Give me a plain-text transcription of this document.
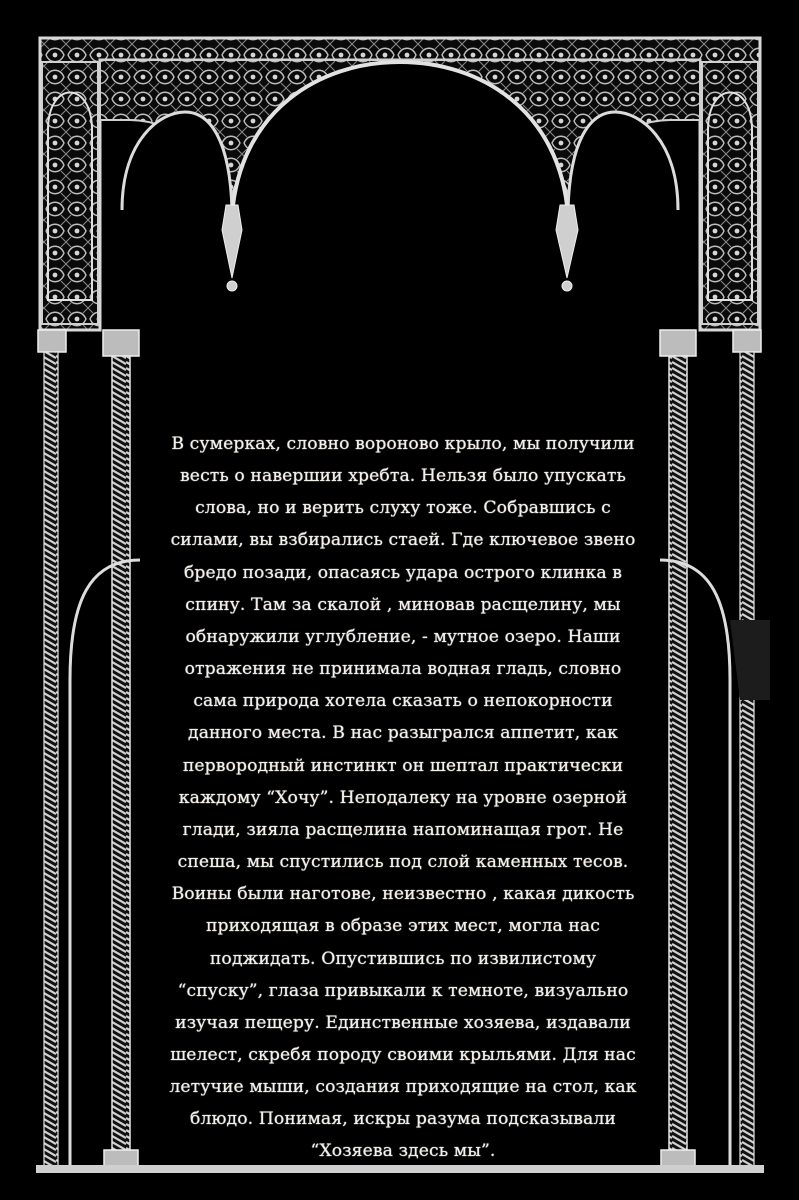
В сумерках, словно вороново крыло, мы получили
весть о навершии хребта. Нельзя было упускать
слова, но и верить слуху тоже. Собравшись с
силами, вы взбирались стаей. Где ключевое звено
бредо позади, опасаясь удара острого клинка в
спину. Там за скалой , миновав расщелину, мы
обнаружили углубление, - мутное озеро. Наши
отражения не принимала водная гладь, словно
сама природа хотела сказать о непокорности
данного места. В нас разыгрался аппетит, как
первородный инстинкт он шептал практически
каждому “Хочу”. Неподалеку на уровне озерной
глади, зияла расщелина напоминащая грот. Не
спеша, мы спустились под слой каменных тесов.
Воины были наготове, неизвестно , какая дикость
приходящая в образе этих мест, могла нас
поджидать. Опустившись по извилистому
“спуску”, глаза привыкали к темноте, визуально
изучая пещеру. Единственные хозяева, издавали
шелест, скребя породу своими крыльями. Для нас
летучие мыши, создания приходящие на стол, как
блюдо. Понимая, искры разума подсказывали
“Хозяева здесь мы”.
